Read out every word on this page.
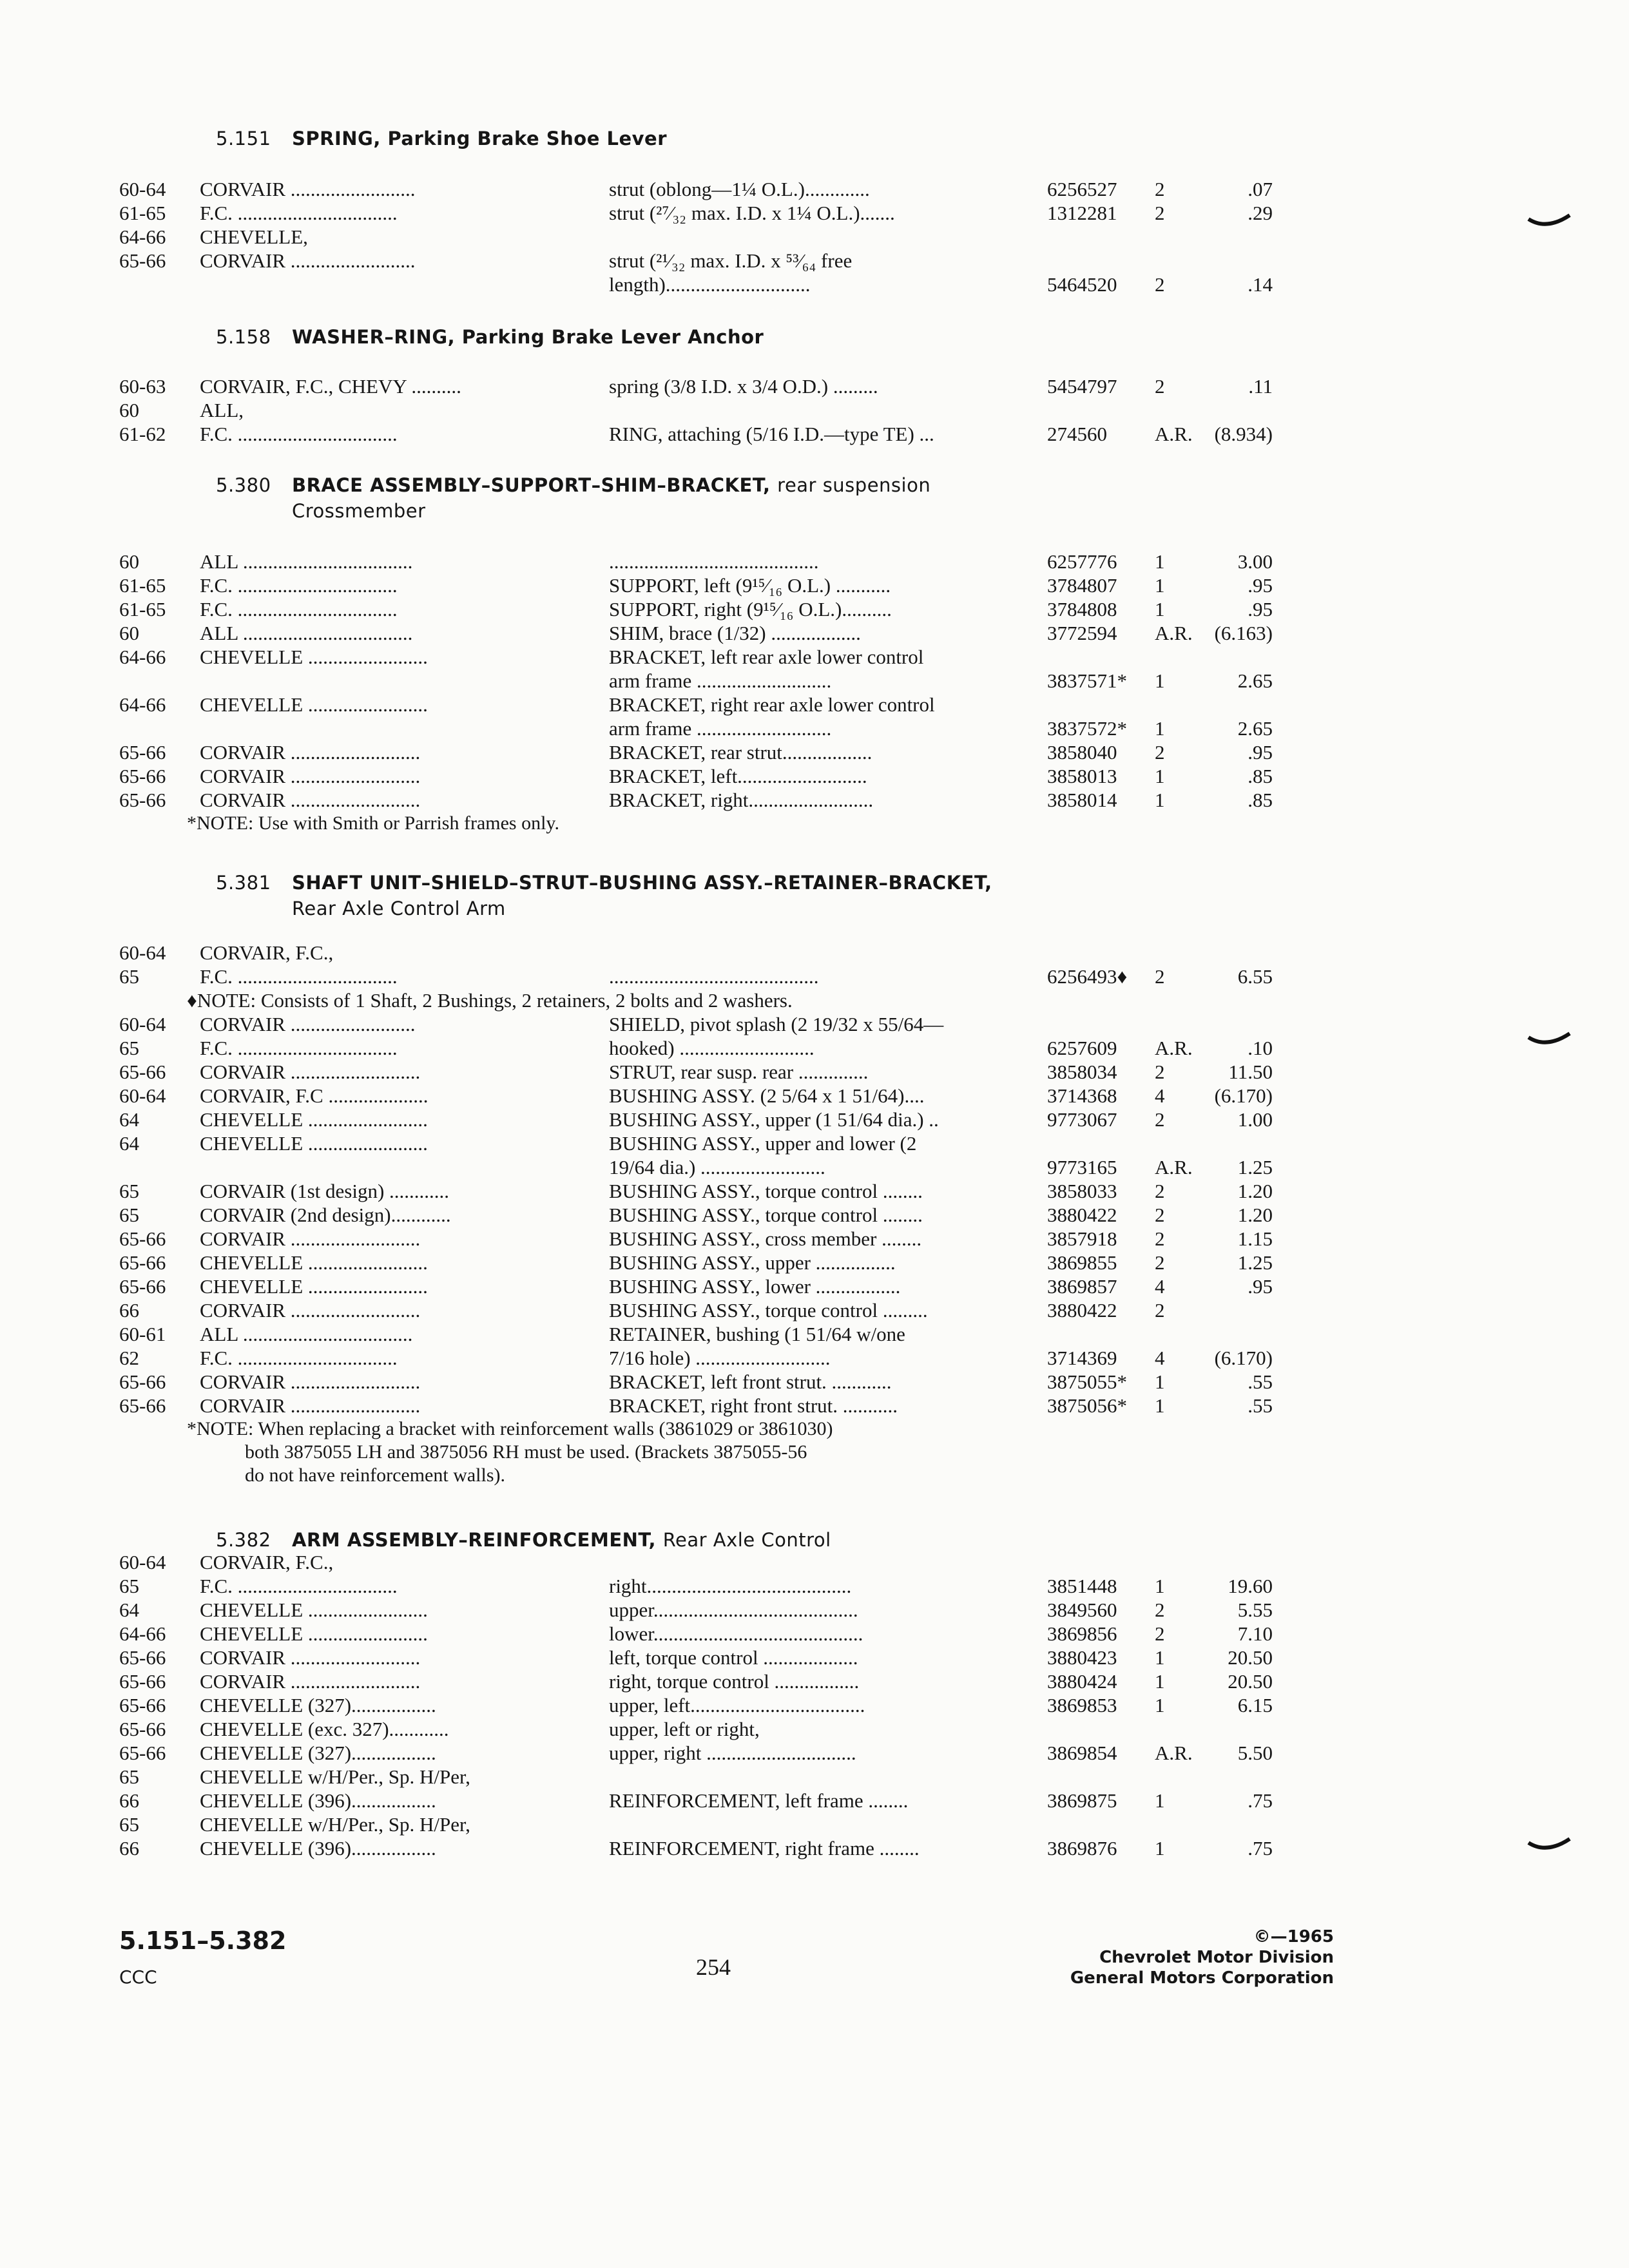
5.151 SPRING, Parking Brake Shoe Lever
60-64	CORVAIR .........................	strut (oblong—1¼ O.L.).............	6256527	2	.07
61-65	F.C. ................................	strut (²⁷⁄₃₂ max. I.D. x 1¼ O.L.).......	1312281	2	.29
64-66	CHEVELLE,
65-66	CORVAIR .........................	strut (²¹⁄₃₂ max. I.D. x ⁵³⁄₆₄ free
length).............................	5464520	2	.14
5.158 WASHER–RING, Parking Brake Lever Anchor
60-63	CORVAIR, F.C., CHEVY ..........	spring (3/8 I.D. x 3/4 O.D.) .........	5454797	2	.11
60	ALL,
61-62	F.C. ................................	RING, attaching (5/16 I.D.—type TE) ...	274560	A.R.	(8.934)
5.380 BRACE ASSEMBLY–SUPPORT–SHIM–BRACKET, rear suspension
Crossmember
60	ALL ..................................	..........................................	6257776	1	3.00
61-65	F.C. ................................	SUPPORT, left (9¹⁵⁄₁₆ O.L.) ...........	3784807	1	.95
61-65	F.C. ................................	SUPPORT, right (9¹⁵⁄₁₆ O.L.)..........	3784808	1	.95
60	ALL ..................................	SHIM, brace (1/32) ..................	3772594	A.R.	(6.163)
64-66	CHEVELLE ........................	BRACKET, left rear axle lower control
arm frame ...........................	3837571*	1	2.65
64-66	CHEVELLE ........................	BRACKET, right rear axle lower control
arm frame ...........................	3837572*	1	2.65
65-66	CORVAIR ..........................	BRACKET, rear strut..................	3858040	2	.95
65-66	CORVAIR ..........................	BRACKET, left..........................	3858013	1	.85
65-66	CORVAIR ..........................	BRACKET, right.........................	3858014	1	.85
*NOTE: Use with Smith or Parrish frames only.
5.381 SHAFT UNIT–SHIELD–STRUT–BUSHING ASSY.–RETAINER–BRACKET,
Rear Axle Control Arm
60-64	CORVAIR, F.C.,
65	F.C. ................................	..........................................	6256493♦	2	6.55
♦NOTE: Consists of 1 Shaft, 2 Bushings, 2 retainers, 2 bolts and 2 washers.
60-64	CORVAIR .........................	SHIELD, pivot splash (2 19/32 x 55/64—
65	F.C. ................................	hooked) ...........................	6257609	A.R.	.10
65-66	CORVAIR ..........................	STRUT, rear susp. rear ..............	3858034	2	11.50
60-64	CORVAIR, F.C ....................	BUSHING ASSY. (2 5/64 x 1 51/64)....	3714368	4	(6.170)
64	CHEVELLE ........................	BUSHING ASSY., upper (1 51/64 dia.) ..	9773067	2	1.00
64	CHEVELLE ........................	BUSHING ASSY., upper and lower (2
19/64 dia.) .........................	9773165	A.R.	1.25
65	CORVAIR (1st design) ............	BUSHING ASSY., torque control ........	3858033	2	1.20
65	CORVAIR (2nd design)............	BUSHING ASSY., torque control ........	3880422	2	1.20
65-66	CORVAIR ..........................	BUSHING ASSY., cross member ........	3857918	2	1.15
65-66	CHEVELLE ........................	BUSHING ASSY., upper ................	3869855	2	1.25
65-66	CHEVELLE ........................	BUSHING ASSY., lower .................	3869857	4	.95
66	CORVAIR ..........................	BUSHING ASSY., torque control .........	3880422	2
60-61	ALL ..................................	RETAINER, bushing (1 51/64 w/one
62	F.C. ................................	7/16 hole) ...........................	3714369	4	(6.170)
65-66	CORVAIR ..........................	BRACKET, left front strut. ............	3875055*	1	.55
65-66	CORVAIR ..........................	BRACKET, right front strut. ...........	3875056*	1	.55
*NOTE: When replacing a bracket with reinforcement walls (3861029 or 3861030)
both 3875055 LH and 3875056 RH must be used. (Brackets 3875055-56
do not have reinforcement walls).
5.382 ARM ASSEMBLY–REINFORCEMENT, Rear Axle Control
60-64	CORVAIR, F.C.,
65	F.C. ................................	right.........................................	3851448	1	19.60
64	CHEVELLE ........................	upper.........................................	3849560	2	5.55
64-66	CHEVELLE ........................	lower..........................................	3869856	2	7.10
65-66	CORVAIR ..........................	left, torque control ...................	3880423	1	20.50
65-66	CORVAIR ..........................	right, torque control .................	3880424	1	20.50
65-66	CHEVELLE (327).................	upper, left...................................	3869853	1	6.15
65-66	CHEVELLE (exc. 327)............	upper, left or right,
65-66	CHEVELLE (327).................	upper, right ..............................	3869854	A.R.	5.50
65	CHEVELLE w/H/Per., Sp. H/Per,
66	CHEVELLE (396).................	REINFORCEMENT, left frame ........	3869875	1	.75
65	CHEVELLE w/H/Per., Sp. H/Per,
66	CHEVELLE (396).................	REINFORCEMENT, right frame ........	3869876	1	.75
5.151–5.382
CCC	254
©—1965
Chevrolet Motor Division
General Motors Corporation
